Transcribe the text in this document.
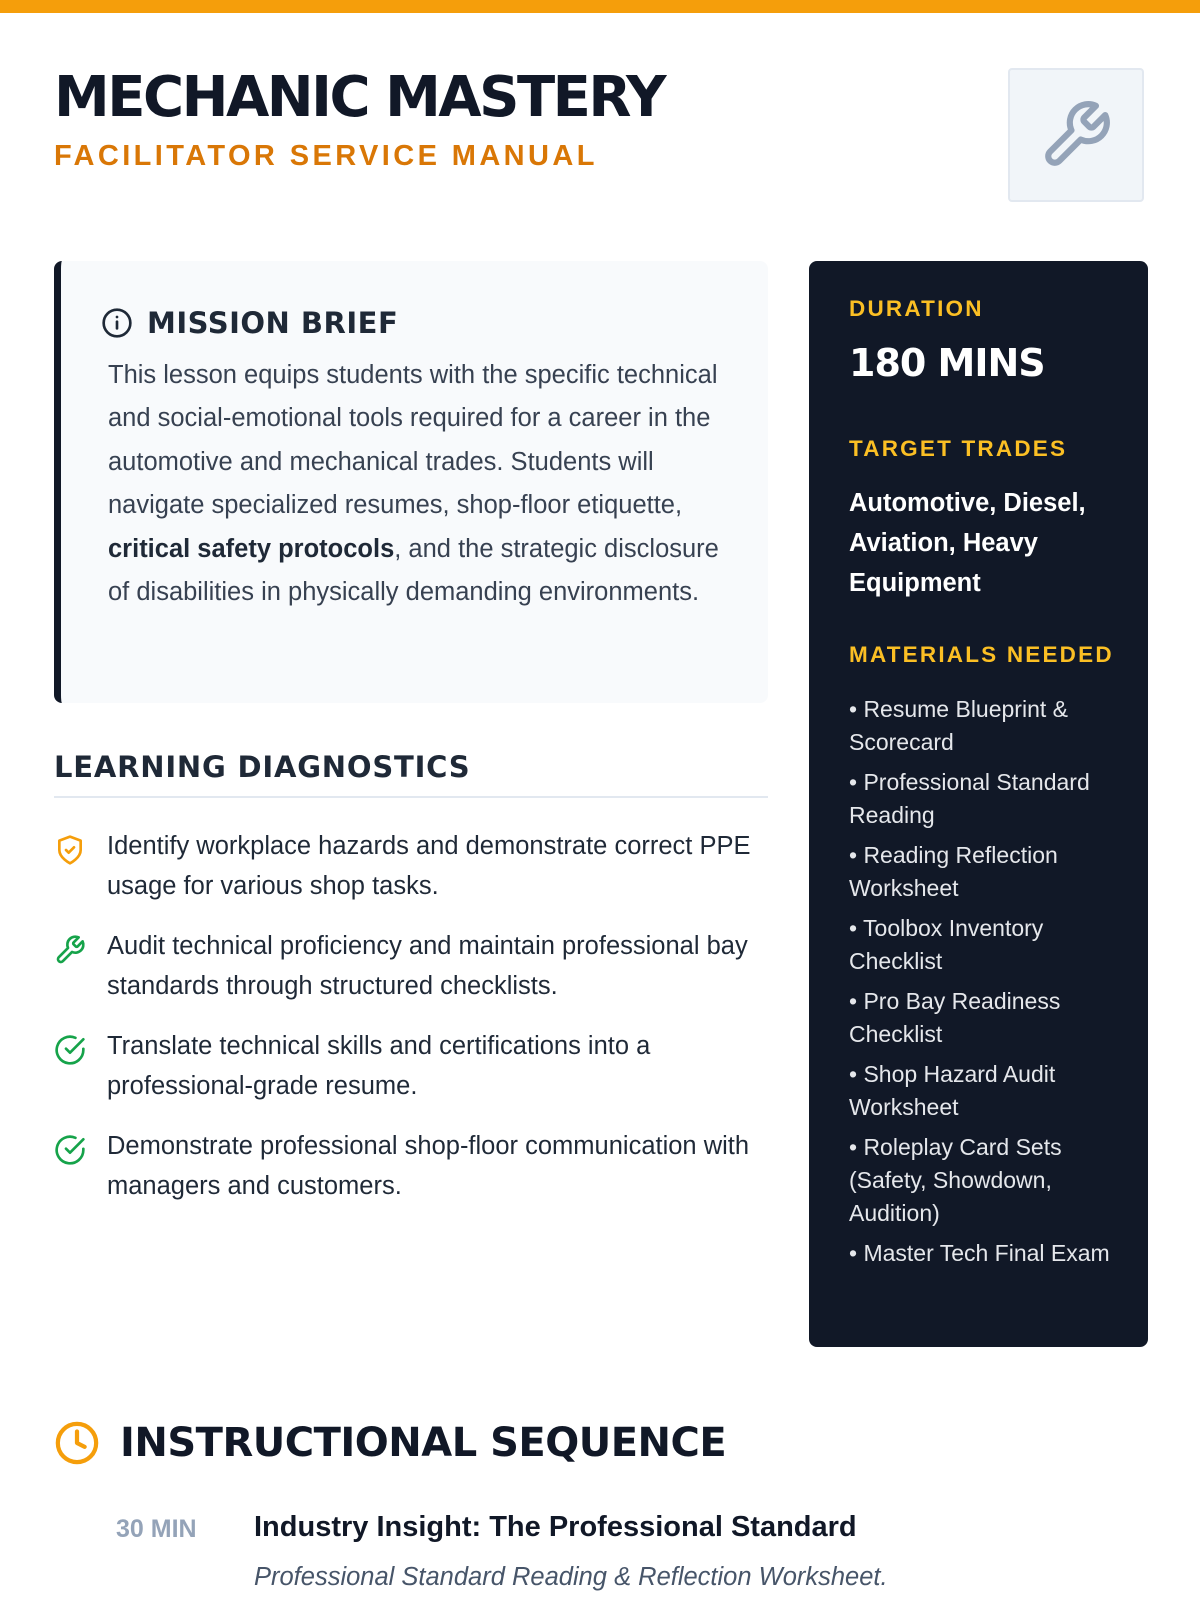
MECHANIC MASTERY
FACILITATOR SERVICE MANUAL
MISSION BRIEF
This lesson equips students with the specific technical and social-emotional tools required for a career in the automotive and mechanical trades. Students will navigate specialized resumes, shop-floor etiquette, critical safety protocols, and the strategic disclosure of disabilities in physically demanding environments.
LEARNING DIAGNOSTICS
Identify workplace hazards and demonstrate correct PPE usage for various shop tasks.
Audit technical proficiency and maintain professional bay standards through structured checklists.
Translate technical skills and certifications into a professional-grade resume.
Demonstrate professional shop-floor communication with managers and customers.
DURATION
180 MINS
TARGET TRADES
Automotive, Diesel, Aviation, Heavy Equipment
MATERIALS NEEDED
• Resume Blueprint & Scorecard
• Professional Standard Reading
• Reading Reflection Worksheet
• Toolbox Inventory Checklist
• Pro Bay Readiness Checklist
• Shop Hazard Audit Worksheet
• Roleplay Card Sets (Safety, Showdown, Audition)
• Master Tech Final Exam
INSTRUCTIONAL SEQUENCE
30 MIN	Industry Insight: The Professional Standard
Professional Standard Reading & Reflection Worksheet.
